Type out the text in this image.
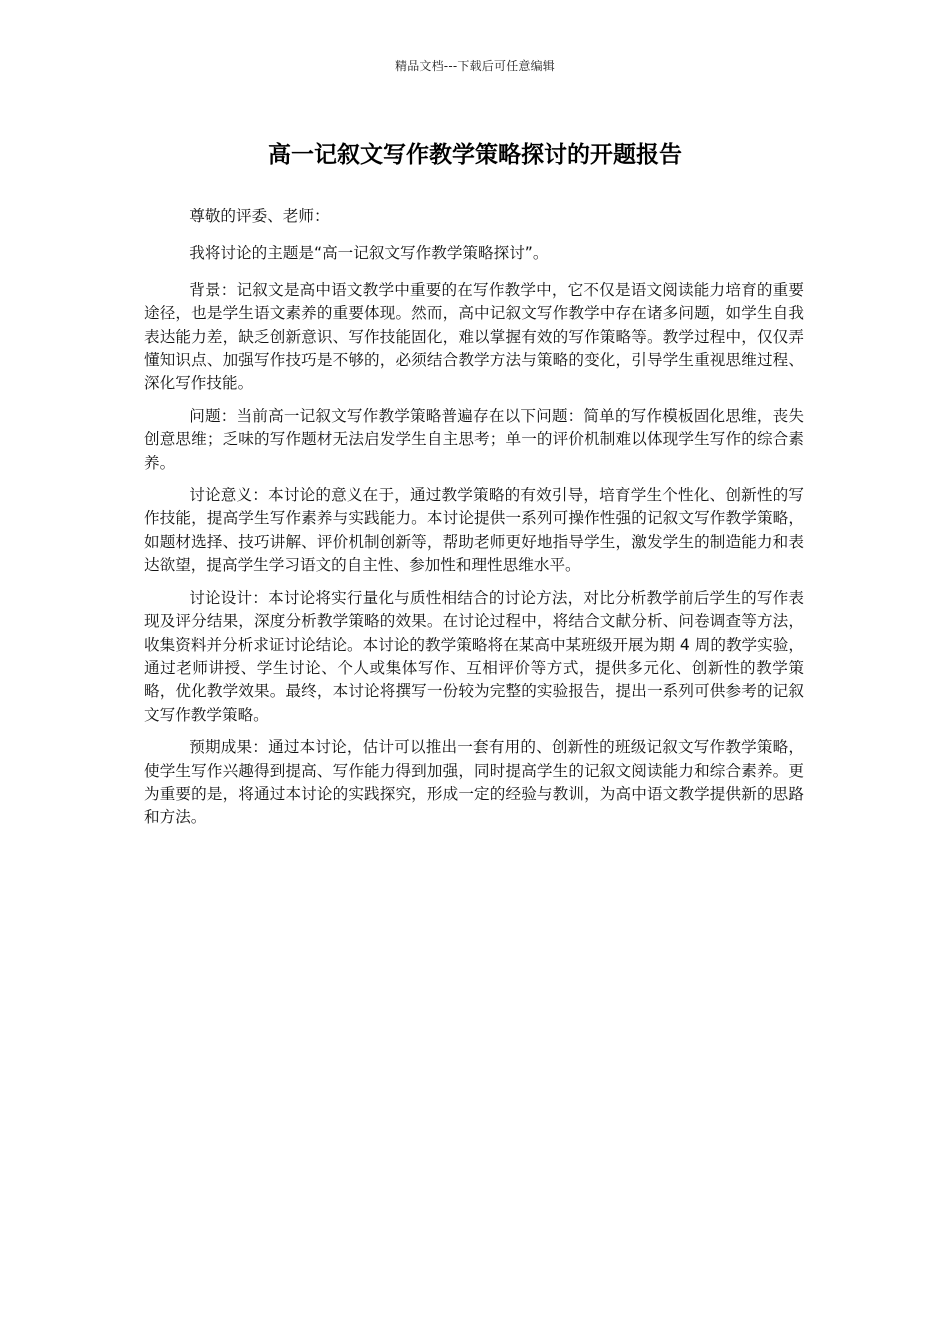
精品文档---下载后可任意编辑
高一记叙文写作教学策略探讨的开题报告

尊敬的评委、老师：

我将讨论的主题是“高一记叙文写作教学策略探讨”。

背景：记叙文是高中语文教学中重要的在写作教学中，它不仅是语文阅读能力培育的重要途径，也是学生语文素养的重要体现。然而，高中记叙文写作教学中存在诸多问题，如学生自我表达能力差，缺乏创新意识、写作技能固化，难以掌握有效的写作策略等。教学过程中，仅仅弄懂知识点、加强写作技巧是不够的，必须结合教学方法与策略的变化，引导学生重视思维过程、深化写作技能。

问题：当前高一记叙文写作教学策略普遍存在以下问题：简单的写作模板固化思维，丧失创意思维；乏味的写作题材无法启发学生自主思考；单一的评价机制难以体现学生写作的综合素养。

讨论意义：本讨论的意义在于，通过教学策略的有效引导，培育学生个性化、创新性的写作技能，提高学生写作素养与实践能力。本讨论提供一系列可操作性强的记叙文写作教学策略，如题材选择、技巧讲解、评价机制创新等，帮助老师更好地指导学生，激发学生的制造能力和表达欲望，提高学生学习语文的自主性、参加性和理性思维水平。

讨论设计：本讨论将实行量化与质性相结合的讨论方法，对比分析教学前后学生的写作表现及评分结果，深度分析教学策略的效果。在讨论过程中，将结合文献分析、问卷调查等方法，收集资料并分析求证讨论结论。本讨论的教学策略将在某高中某班级开展为期 4 周的教学实验，通过老师讲授、学生讨论、个人或集体写作、互相评价等方式，提供多元化、创新性的教学策略，优化教学效果。最终，本讨论将撰写一份较为完整的实验报告，提出一系列可供参考的记叙文写作教学策略。

预期成果：通过本讨论，估计可以推出一套有用的、创新性的班级记叙文写作教学策略，使学生写作兴趣得到提高、写作能力得到加强，同时提高学生的记叙文阅读能力和综合素养。更为重要的是，将通过本讨论的实践探究，形成一定的经验与教训，为高中语文教学提供新的思路和方法。
